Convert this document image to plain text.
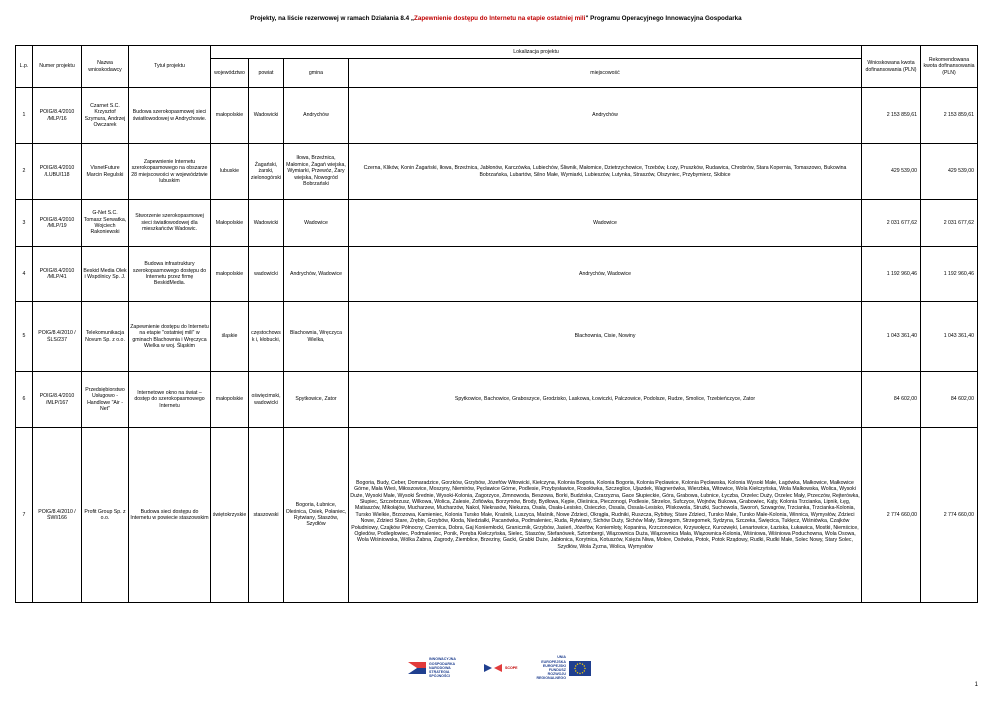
Projekty, na liście rezerwowej w ramach Działania 8.4 „Zapewnienie dostępu do Internetu na etapie ostatniej mili" Programu Operacyjnego Innowacyjna Gospodarka
L.p.	Numer projektu	Nazwa wnioskodawcy	Tytuł projektu	Lokalizacja projektu				Wnioskowana kwota dofinansowania (PLN)	Rekomendowana kwota dofinansowania (PLN)
				województwo	powiat	gmina	miejscowość		
1	POIG/8.4/2010 /MLP/16	Czarnet S.C. Krzysztof Szymura, Andrzej Owczarek	Budowa szerokopasmowej sieci światłowodowej w Andrychowie.	małopolskie	Wadowicki	Andrychów	Andrychów	2 153 859,61	2 153 859,61
2	POIG/8.4/2010 /LUBU/118	VisnetFuture Marcin Regulski	Zapewnienie Internetu szerokopasmowego na obszarze 28 miejscowości w województwie lubuskim	lubuskie	Żagański, żarski, zielonogórski	Iłowa, Brzeźnica, Małomice, Żagań wiejska, Wymiarki, Przewóz, Żary wiejska, Nowogród Bobrzański	Czerna, Klików, Konin Żagański, Iłowa, Brzeźnica, Jabłonów, Karczówka, Lubiechów, Śliwnik, Małomice, Dzietrzychowice, Trzebów, Łozy, Pruszków, Rudawica, Chrobrów, Stara Kopernia, Tomaszowo, Bukowina Bobrzańska, Lubartów, Silno Małe, Wymiarki, Lubieszów, Lutynka, Straszów, Olszyniec, Przybymierz, Skibice	429 539,00	429 539,00
3	POIG/8.4/2010 /MLP/19	G-Net S.C. Tomasz Serwatka, Wojciech Rakoniewski	Stworzenie szerokopasmowej sieci światłowodowej dla mieszkańców Wadowic.	Małopolskie	Wadowicki	Wadowice	Wadowice	2 031 677,62	2 031 677,62
4	POIG/8.4/2010 /MLP/41	Beskid Media Olek i Wspólnicy Sp. J.	Budowa infrastruktury szerokopasmowego dostępu do Internetu przez firmę BeskidMedia.	małopolskie	wadowicki	Andrychów, Wadowice	Andrychów, Wadowice	1 192 960,46	1 192 960,46
5	POIG/8.4/2010 /ŚLS/237	Telekomunikacja Novum Sp. z o.o.	Zapewnienie dostępu do Internetu na etapie "ostatniej mili" w gminach Blachownia i Wręczyca Wielka w woj. Śląskim	śląskie	częstochowsk i, kłobucki,	Blachownia, Wręczyca Wielka,	Blachownia, Cisie, Nowiny	1 043 361,40	1 043 361,40
6	POIG/8.4/2010 /MLP/167	Przedsiębiorstwo Usługowo - Handlowe "Air - Net"	Internetowe okno na świat – dostęp do szerokopasmowego Internetu	małopolskie	oświęcimski, wadowicki	Spytkowice, Zator	Spytkowice, Bachowice, Graboszyce, Grodzisko, Laskowa, Łowiczki, Palczowice, Podolsze, Rudze, Smolice, Trzebieńczyce, Zator	84 602,00	84 602,00
7	POIG/8.4/2010 /ŚWI/166	Profit Group Sp. z o.o.	Budowa sieci dostępu do Internetu w powiecie staszowskim	świętokrzyskie	staszowski	Bogoria, Łubnice, Oleśnica, Osiek, Połaniec, Rytwiany, Staszów, Szydłów	Bogoria, Budy, Ceber, Domaradzice, Gorzków, Grzybów, Józefów Witowicki, Kiełczyna, Kolonia Bogoria, Kolonia Bogoria, Kolonia Pęcławice, Kolonia Pęcławska, Kolonia Wysoki Małe, Łagówka, Małkowice, Małkowice Górne, Mała Wieś, Miłoszowice, Moszyny, Niemirów, Pęcławice Górne, Podlesie, Przybysławice, Rosołówka, Szczeglice, Ujazdek, Wagnerówka, Wierzbka, Witowice, Wola Kiełczyńska, Wola Malkowska, Wolica, Wysoki Duże, Wysoki Małe, Wysoki Średnie, Wysoki-Kolonia, Zagorzyce, Zimnowoda, Beszowa, Borki, Budziska, Czarzyzna, Gace Słupieckie, Góra, Grabowa, Łubnice, Łyczba, Orzelec Duży, Orzelec Mały, Przeczów, Rejterówka, Słupiec, Szczebrzusz, Wilkowa, Wolica, Zalesie, Zofiówka, Borzymów, Brody, Bydłowa, Kępie, Oleśnica, Pieczonogi, Podlesie, Strzelce, Sufczyce, Wojnów, Bukowa, Grabowiec, Kąty, Kolonia Trzcianka, Lipnik, Łęg, Matiaszów, Mikołajów, Mucharzew, Mucharzów, Nakol, Niekrasów, Niekurza, Osała, Osała-Lesisko, Osieczko, Ossala, Ossala-Lesisko, Pliskowola, Strużki, Suchowola, Sworoń, Szwagrów, Trzcianka, Trzcianka-Kolonia, Tursko Wielkie, Brzozowa, Kamieniec, Kolonia Tursko Małe, Kraśnik, Luszyca, Maśnik, Nowe Zdzieci, Okrągła, Rudniki, Ruszcza, Rybitwy, Stare Zdzieci, Tursko Małe, Tursko Małe-Kolonia, Winnica, Wymysłów, Zdzieci Nowe, Zdzieci Stare, Zrębin, Grzybów, Kłoda, Niedziałki, Pacanówka, Podmaleniec, Ruda, Rytwiany, Sichów Duży, Sichów Mały, Strzegom, Strzegomek, Sydzyna, Szczeka, Święcica, Tuklęcz, Wiśniówka, Czajków Południowy, Czajków Północny, Czernica, Dobra, Gaj Koniemłocki, Granicznik, Grzybów, Jasień, Józefów, Koniemłoty, Kopanina, Krzczonowice, Krzywołęcz, Kurozwęki, Lenartowice, Łaziska, Łukawica, Mostki, Niemścice, Ogledów, Podległowiec, Podmaleniec, Ponik, Poręba Kiełczyńska, Sielec, Staszów, Stefanówek, Sztombergi, Wiązownica Duża, Wiązownica Mała, Wiązownica-Kolonia, Wiśniowa, Wiśniowa Poduchowna, Wola Osowa, Wola Wiśniowska, Wólka Żabna, Zagrody, Ziemblice, Brzeziny, Gacki, Grabki Duże, Jabłonica, Korytnica, Kotuszów, Księża Niwa, Mokre, Osówka, Potok, Potok Rządowy, Rudki, Rudki Małe, Solec Nowy, Stary Solec, Szydłów, Wola Żyzna, Wolica, Wymysłów	2 774 660,00	2 774 660,00
INNOWACYJNA GOSPODARKA NARODOWA STRATEGIA SPÓJNOŚCI
SCOPE
UNIA EUROPEJSKA EUROPEJSKI FUNDUSZ ROZWOJU REGIONALNEGO
1
